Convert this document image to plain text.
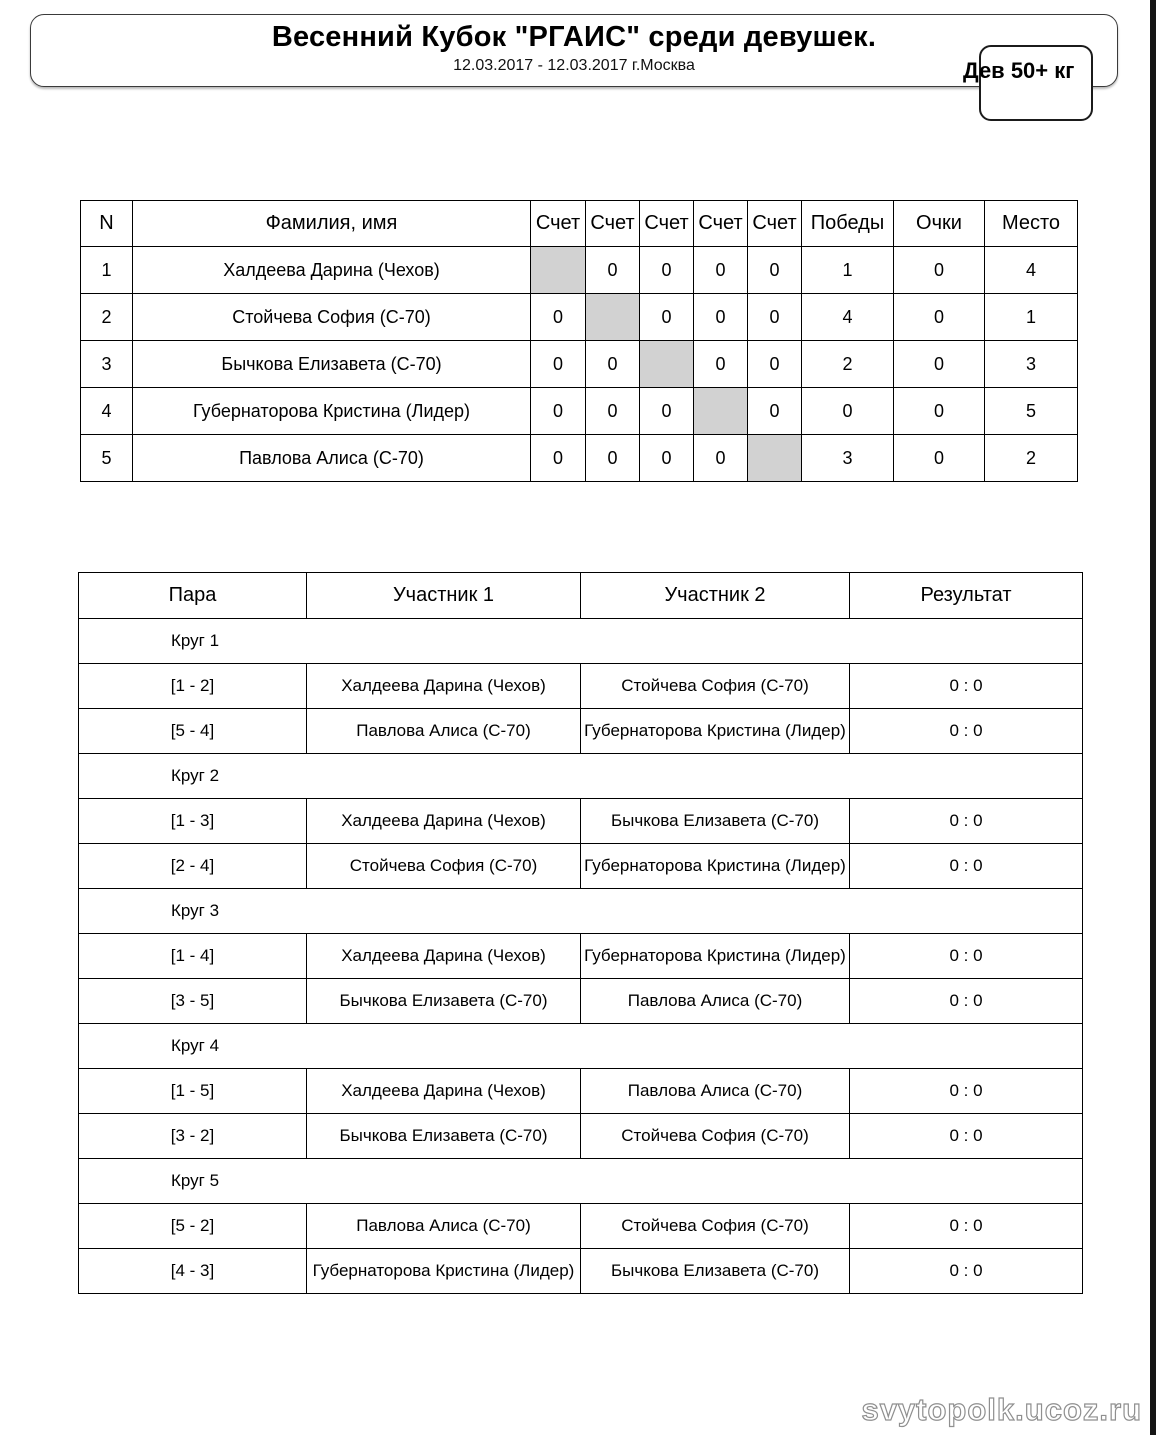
Весенний Кубок "РГАИС" среди девушек.
12.03.2017 - 12.03.2017 г.Москва	Дев 50+ кг
N	Фамилия, имя	Счет	Счет	Счет	Счет	Счет	Победы	Очки	Место
1	Халдеева Дарина (Чехов)		0	0	0	0	1	0	4
2	Стойчева София (С-70)	0		0	0	0	4	0	1
3	Бычкова Елизавета (С-70)	0	0		0	0	2	0	3
4	Губернаторова Кристина (Лидер)	0	0	0		0	0	0	5
5	Павлова Алиса (С-70)	0	0	0	0		3	0	2
Пара	Участник 1	Участник 2	Результат
Круг 1			
[1 - 2]	Халдеева Дарина (Чехов)	Стойчева София (С-70)	0 : 0
[5 - 4]	Павлова Алиса (С-70)	Губернаторова Кристина (Лидер)	0 : 0
Круг 2			
[1 - 3]	Халдеева Дарина (Чехов)	Бычкова Елизавета (С-70)	0 : 0
[2 - 4]	Стойчева София (С-70)	Губернаторова Кристина (Лидер)	0 : 0
Круг 3			
[1 - 4]	Халдеева Дарина (Чехов)	Губернаторова Кристина (Лидер)	0 : 0
[3 - 5]	Бычкова Елизавета (С-70)	Павлова Алиса (С-70)	0 : 0
Круг 4			
[1 - 5]	Халдеева Дарина (Чехов)	Павлова Алиса (С-70)	0 : 0
[3 - 2]	Бычкова Елизавета (С-70)	Стойчева София (С-70)	0 : 0
Круг 5			
[5 - 2]	Павлова Алиса (С-70)	Стойчева София (С-70)	0 : 0
[4 - 3]	Губернаторова Кристина (Лидер)	Бычкова Елизавета (С-70)	0 : 0
svytopolk.ucoz.ru
